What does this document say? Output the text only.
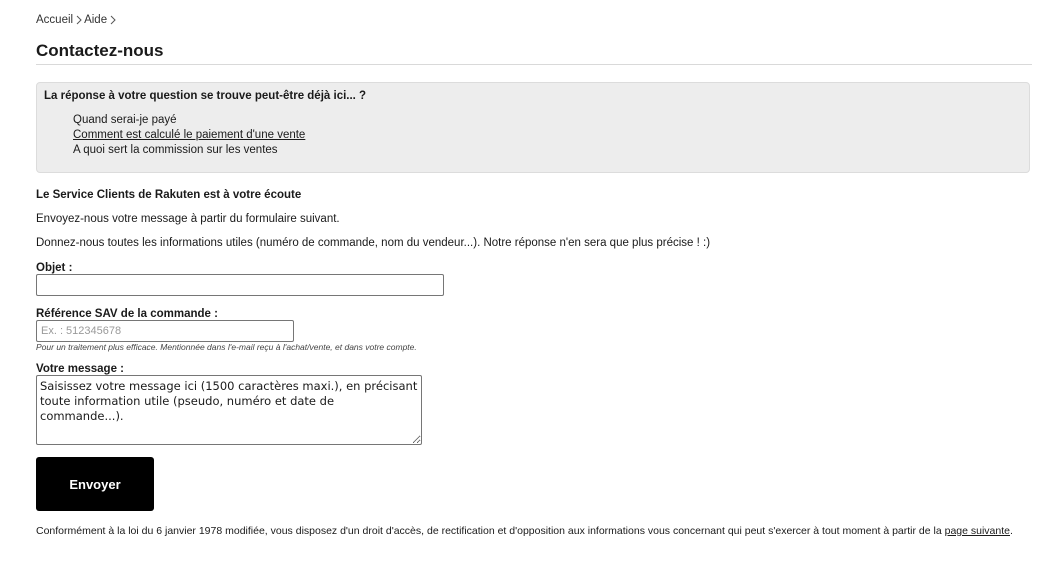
Accueil Aide
Contactez-nous
La réponse à votre question se trouve peut-être déjà ici... ?
Quand serai-je payé
Comment est calculé le paiement d'une vente
A quoi sert la commission sur les ventes
Le Service Clients de Rakuten est à votre écoute
Envoyez-nous votre message à partir du formulaire suivant.
Donnez-nous toutes les informations utiles (numéro de commande, nom du vendeur...). Notre réponse n'en sera que plus précise ! :)
Objet :
Référence SAV de la commande :
Ex. : 512345678
Pour un traitement plus efficace. Mentionnée dans l'e-mail reçu à l'achat/vente, et dans votre compte.
Votre message :
Saisissez votre message ici (1500 caractères maxi.), en précisant toute information utile (pseudo, numéro et date de commande...).
Envoyer
Conformément à la loi du 6 janvier 1978 modifiée, vous disposez d'un droit d'accès, de rectification et d'opposition aux informations vous concernant qui peut s'exercer à tout moment à partir de la page suivante.
